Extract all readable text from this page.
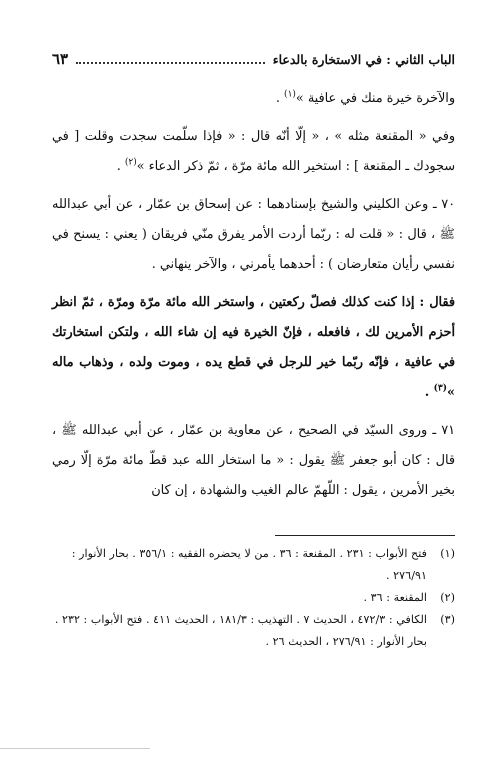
الباب الثاني : في الاستخارة بالدعاء
٦٣

والآخرة خيرة منك في عافية »$^{(١)}$ .

وفي « المقنعة مثله » ، « إلّا أنّه قال : « فإذا سلّمت سجدت وقلت [ في سجودك ـ المقنعة ] : استخير الله مائة مرّة ، ثمّ ذكر الدعاء »$^{(٢)}$ .

٧٠ ـ وعن الكليني والشيخ بإسنادهما : عن إسحاق بن عمّار ، عن أبي عبدالله ﷺ ، قال : « قلت له : ربّما أردت الأمر يفرق منّي فريقان ( يعني : يسنح في نفسي رأيان متعارضان ) : أحدهما يأمرني ، والآخر ينهاني .

فقال : إذا كنت كذلك فصلّ ركعتين ، واستخر الله مائة مرّة ومرّة ، ثمّ انظر أحزم الأمرين لك ، فافعله ، فإنّ الخيرة فيه إن شاء الله ، ولتكن استخارتك في عافية ، فإنّه ربّما خير للرجل في قطع يده ، وموت ولده ، وذهاب ماله »$^{(٣)}$ .

٧١ ـ وروى السيّد في الصحيح ، عن معاوية بن عمّار ، عن أبي عبدالله ﷺ ، قال : كان أبو جعفر ﷺ يقول : « ما استخار الله عبد قطّ مائة مرّة إلّا رمي بخير الأمرين ، يقول : اللّهمّ عالم الغيب والشهادة ، إن كان

(١)
فتح الأبواب : ٢٣١ . المقنعة : ٣٦ . من لا يحضره الفقيه : ٣٥٦/١ . بحار الأنوار : ٢٧٦/٩١ .
(٢)
المقنعة : ٣٦ .
(٣)
الكافي : ٤٧٢/٣ ، الحديث ٧ . التهذيب : ١٨١/٣ ، الحديث ٤١١ . فتح الأبواب : ٢٣٢ . بحار الأنوار : ٢٧٦/٩١ ، الحديث ٢٦ .
